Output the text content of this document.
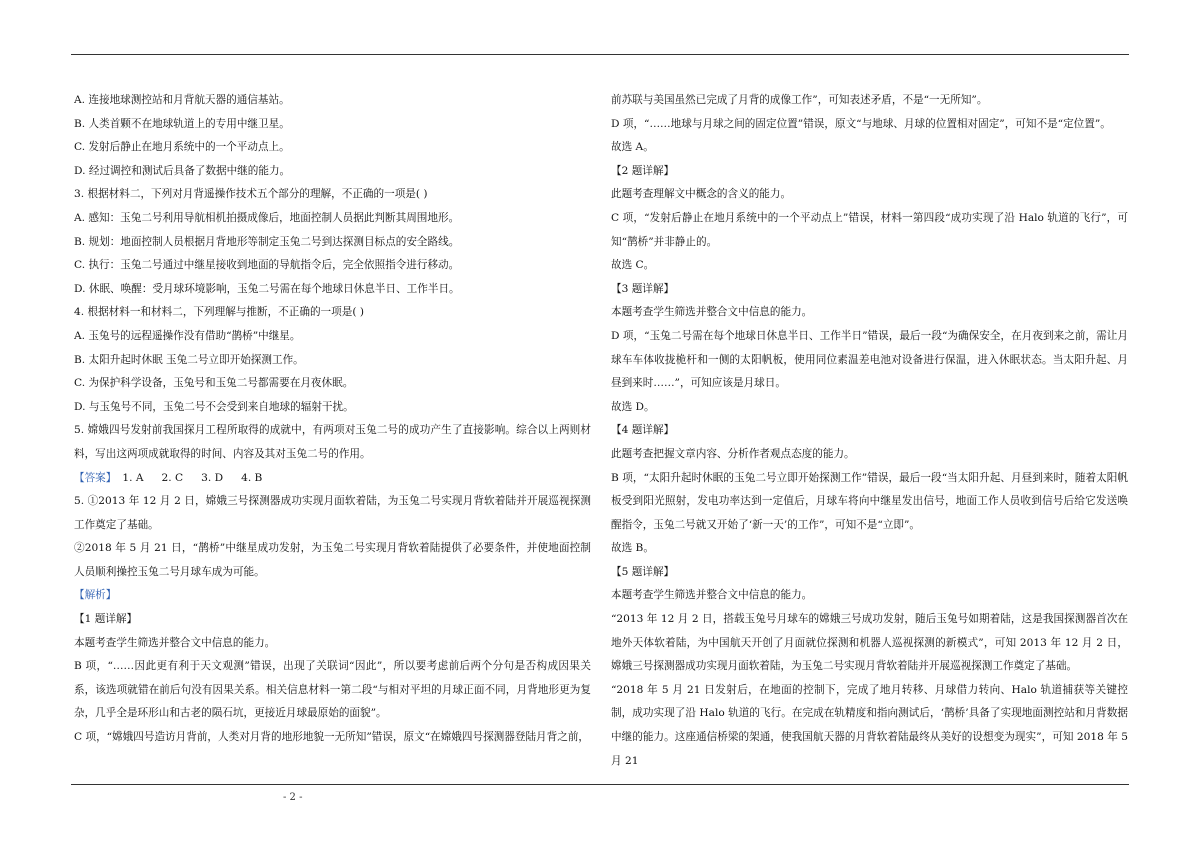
A. 连接地球测控站和月背航天器的通信基站。

B. 人类首颗不在地球轨道上的专用中继卫星。

C. 发射后静止在地月系统中的一个平动点上。

D. 经过调控和测试后具备了数据中继的能力。

3. 根据材料二，下列对月背遥操作技术五个部分的理解，不正确的一项是( )

A. 感知：玉兔二号利用导航相机拍摄成像后，地面控制人员据此判断其周围地形。

B. 规划：地面控制人员根据月背地形等制定玉兔二号到达探测目标点的安全路线。

C. 执行：玉兔二号通过中继星接收到地面的导航指令后，完全依照指令进行移动。

D. 休眠、唤醒：受月球环境影响，玉兔二号需在每个地球日休息半日、工作半日。

4. 根据材料一和材料二，下列理解与推断，不正确的一项是( )

A. 玉兔号的远程遥操作没有借助“鹊桥”中继星。

B. 太阳升起时休眠 玉兔二号立即开始探测工作。

C. 为保护科学设备，玉兔号和玉兔二号都需要在月夜休眠。

D. 与玉兔号不同，玉兔二号不会受到来自地球的辐射干扰。

5. 嫦娥四号发射前我国探月工程所取得的成就中，有两项对玉兔二号的成功产生了直接影响。综合以上两则材料，写出这两项成就取得的时间、内容及其对玉兔二号的作用。

【答案】 1. A 2. C 3. D 4. B

5. ①2013 年 12 月 2 日，嫦娥三号探测器成功实现月面软着陆，为玉兔二号实现月背软着陆并开展巡视探测工作奠定了基础。

②2018 年 5 月 21 日，“鹊桥”中继星成功发射，为玉兔二号实现月背软着陆提供了必要条件，并使地面控制人员顺利操控玉兔二号月球车成为可能。

【解析】

【1 题详解】

本题考查学生筛选并整合文中信息的能力。

B 项，“……因此更有利于天文观测”错误，出现了关联词“因此”，所以要考虑前后两个分句是否构成因果关系，该选项就错在前后句没有因果关系。相关信息材料一第二段“与相对平坦的月球正面不同，月背地形更为复杂，几乎全是环形山和古老的陨石坑，更接近月球最原始的面貌”。

C 项，“嫦娥四号造访月背前，人类对月背的地形地貌一无所知”错误，原文“在嫦娥四号探测器登陆月背之前，

前苏联与美国虽然已完成了月背的成像工作”，可知表述矛盾，不是“一无所知”。

D 项，“……地球与月球之间的固定位置”错误，原文“与地球、月球的位置相对固定”，可知不是“定位置”。

故选 A。

【2 题详解】

此题考查理解文中概念的含义的能力。

C 项，“发射后静止在地月系统中的一个平动点上”错误，材料一第四段“成功实现了沿 Halo 轨道的飞行”，可知“鹊桥”并非静止的。

故选 C。

【3 题详解】

本题考查学生筛选并整合文中信息的能力。

D 项，“玉兔二号需在每个地球日休息半日、工作半日”错误，最后一段“为确保安全，在月夜到来之前，需让月球车车体收拢桅杆和一侧的太阳帆板，使用同位素温差电池对设备进行保温，进入休眠状态。当太阳升起、月昼到来时……”，可知应该是月球日。

故选 D。

【4 题详解】

此题考查把握文章内容、分析作者观点态度的能力。

B 项，“太阳升起时休眠的玉兔二号立即开始探测工作”错误，最后一段“当太阳升起、月昼到来时，随着太阳帆板受到阳光照射，发电功率达到一定值后，月球车将向中继星发出信号，地面工作人员收到信号后给它发送唤醒指令，玉兔二号就又开始了‘新一天’的工作”，可知不是“立即”。

故选 B。

【5 题详解】

本题考查学生筛选并整合文中信息的能力。

“2013 年 12 月 2 日，搭载玉兔号月球车的嫦娥三号成功发射，随后玉兔号如期着陆，这是我国探测器首次在地外天体软着陆，为中国航天开创了月面就位探测和机器人巡视探测的新模式”，可知 2013 年 12 月 2 日，嫦娥三号探测器成功实现月面软着陆，为玉兔二号实现月背软着陆并开展巡视探测工作奠定了基础。

“2018 年 5 月 21 日发射后，在地面的控制下，完成了地月转移、月球借力转向、Halo 轨道捕获等关键控制，成功实现了沿 Halo 轨道的飞行。在完成在轨精度和指向测试后，‘鹊桥’具备了实现地面测控站和月背数据中继的能力。这座通信桥梁的架通，使我国航天器的月背软着陆最终从美好的设想变为现实”，可知 2018 年 5 月 21

- 2 -
